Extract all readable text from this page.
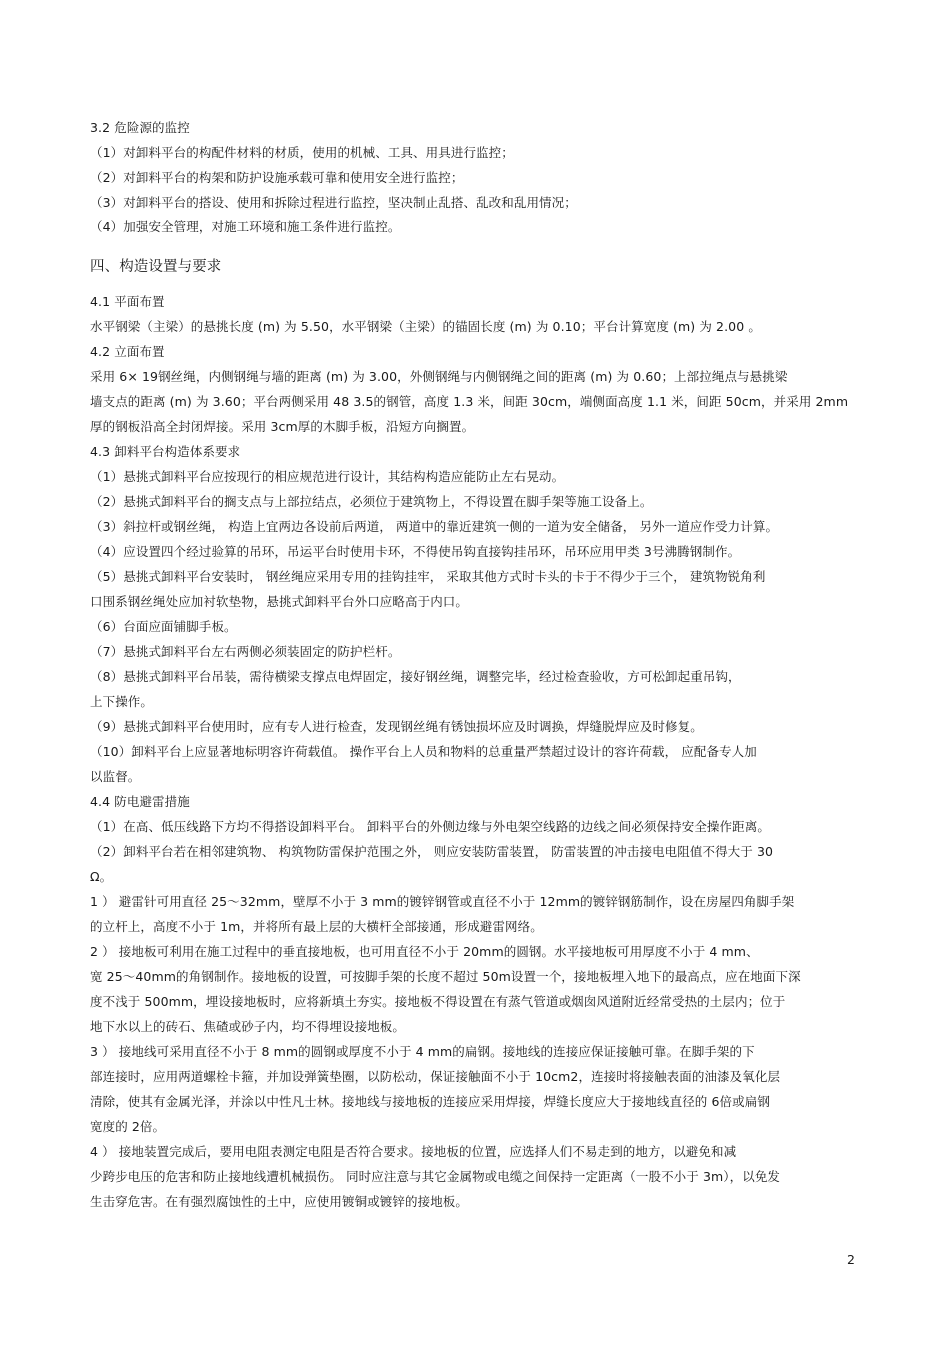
3.2 危险源的监控
（1）对卸料平台的构配件材料的材质，使用的机械、工具、用具进行监控；
（2）对卸料平台的构架和防护设施承载可靠和使用安全进行监控；
（3）对卸料平台的搭设、使用和拆除过程进行监控，坚决制止乱搭、乱改和乱用情况；
（4）加强安全管理，对施工环境和施工条件进行监控。
四、构造设置与要求
4.1 平面布置
水平钢梁（主梁）的悬挑长度 (m) 为 5.50，水平钢梁（主梁）的锚固长度 (m) 为 0.10；平台计算宽度 (m) 为 2.00 。
4.2 立面布置
采用 6× 19钢丝绳，内侧钢绳与墙的距离 (m) 为 3.00，外侧钢绳与内侧钢绳之间的距离 (m) 为 0.60；上部拉绳点与悬挑梁
墙支点的距离 (m) 为 3.60；平台两侧采用 48 3.5的钢管，高度 1.3 米，间距 30cm，端侧面高度 1.1 米，间距 50cm，并采用 2mm
厚的钢板沿高全封闭焊接。采用 3cm厚的木脚手板，沿短方向搁置。
4.3 卸料平台构造体系要求
（1）悬挑式卸料平台应按现行的相应规范进行设计，其结构构造应能防止左右晃动。
（2）悬挑式卸料平台的搁支点与上部拉结点，必须位于建筑物上，不得设置在脚手架等施工设备上。
（3）斜拉杆或钢丝绳， 构造上宜两边各设前后两道， 两道中的靠近建筑一侧的一道为安全储备， 另外一道应作受力计算。
（4）应设置四个经过验算的吊环，吊运平台时使用卡环，不得使吊钩直接钩挂吊环，吊环应用甲类 3号沸腾钢制作。
（5）悬挑式卸料平台安装时， 钢丝绳应采用专用的挂钩挂牢， 采取其他方式时卡头的卡于不得少于三个， 建筑物锐角利
口围系钢丝绳处应加衬软垫物，悬挑式卸料平台外口应略高于内口。
（6）台面应面铺脚手板。
（7）悬挑式卸料平台左右两侧必须装固定的防护栏杆。
（8）悬挑式卸料平台吊装，需待横梁支撑点电焊固定，接好钢丝绳，调整完毕，经过检查验收，方可松卸起重吊钩，
上下操作。
（9）悬挑式卸料平台使用时，应有专人进行检查，发现钢丝绳有锈蚀损坏应及时调换，焊缝脱焊应及时修复。
（10）卸料平台上应显著地标明容许荷载值。 操作平台上人员和物料的总重量严禁超过设计的容许荷载， 应配备专人加
以监督。
4.4 防电避雷措施
（1）在高、低压线路下方均不得搭设卸料平台。 卸料平台的外侧边缘与外电架空线路的边线之间必须保持安全操作距离。
（2）卸料平台若在相邻建筑物、 构筑物防雷保护范围之外， 则应安装防雷装置， 防雷装置的冲击接电电阻值不得大于 30
Ω。
1 ） 避雷针可用直径 25～32mm，壁厚不小于 3 mm的镀锌钢管或直径不小于 12mm的镀锌钢筋制作，设在房屋四角脚手架
的立杆上，高度不小于 1m，并将所有最上层的大横杆全部接通，形成避雷网络。
2 ） 接地板可利用在施工过程中的垂直接地板，也可用直径不小于 20mm的圆钢。水平接地板可用厚度不小于 4 mm、
宽 25～40mm的角钢制作。接地板的设置，可按脚手架的长度不超过 50m设置一个，接地板埋入地下的最高点，应在地面下深
度不浅于 500mm，埋设接地板时，应将新填土夯实。接地板不得设置在有蒸气管道或烟囱风道附近经常受热的土层内；位于
地下水以上的砖石、焦碴或砂子内，均不得埋设接地板。
3 ） 接地线可采用直径不小于 8 mm的圆钢或厚度不小于 4 mm的扁钢。接地线的连接应保证接触可靠。在脚手架的下
部连接时，应用两道螺栓卡箍，并加设弹簧垫圈，以防松动，保证接触面不小于 10cm2，连接时将接触表面的油漆及氧化层
清除，使其有金属光泽，并涂以中性凡士林。接地线与接地板的连接应采用焊接，焊缝长度应大于接地线直径的 6倍或扁钢
宽度的 2倍。
4 ） 接地装置完成后，要用电阻表测定电阻是否符合要求。接地板的位置，应选择人们不易走到的地方，以避免和减
少跨步电压的危害和防止接地线遭机械损伤。 同时应注意与其它金属物或电缆之间保持一定距离（一股不小于 3m），以免发
生击穿危害。在有强烈腐蚀性的土中，应使用镀铜或镀锌的接地板。
2
